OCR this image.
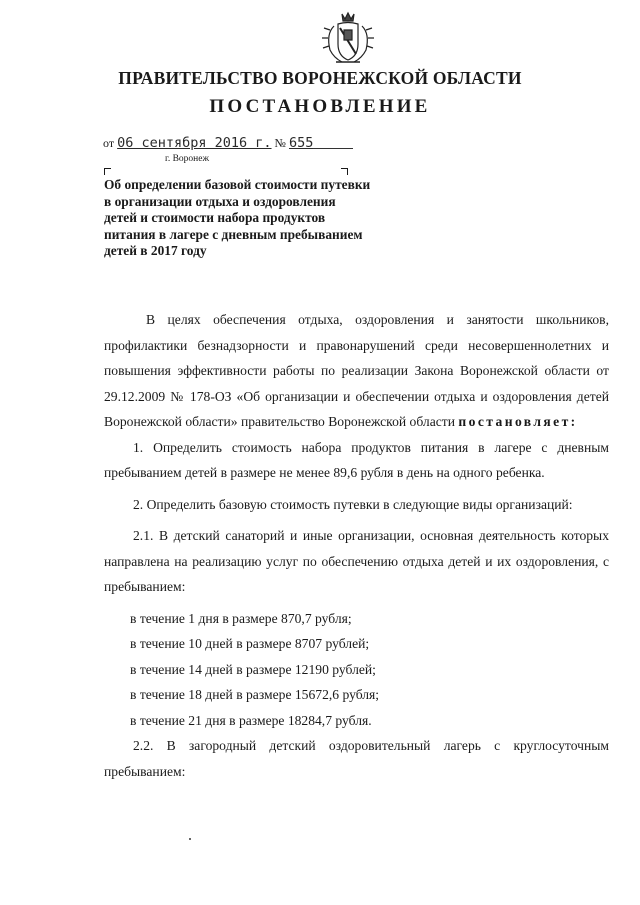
ПРАВИТЕЛЬСТВО ВОРОНЕЖСКОЙ ОБЛАСТИ
ПОСТАНОВЛЕНИЕ
от 06 сентября 2016 г. № 655
г. Воронеж
Об определении базовой стоимости путевки
в организации отдыха и оздоровления
детей и стоимости набора продуктов
питания в лагере с дневным пребыванием
детей в 2017 году

В целях обеспечения отдыха, оздоровления и занятости школьников, профилактики безнадзорности и правонарушений среди несовершеннолетних и повышения эффективности работы по реализации Закона Воронежской области от 29.12.2009 № 178-ОЗ «Об организации и обеспечении отдыха и оздоровления детей Воронежской области» правительство Воронежской области постановляет:

1. Определить стоимость набора продуктов питания в лагере с дневным пребыванием детей в размере не менее 89,6 рубля в день на одного ребенка.

2. Определить базовую стоимость путевки в следующие виды организаций:

2.1. В детский санаторий и иные организации, основная деятельность которых направлена на реализацию услуг по обеспечению отдыха детей и их оздоровления, с пребыванием:

в течение 1 дня в размере 870,7 рубля;

в течение 10 дней в размере 8707 рублей;

в течение 14 дней в размере 12190 рублей;

в течение 18 дней в размере 15672,6 рубля;

в течение 21 дня в размере 18284,7 рубля.

2.2. В загородный детский оздоровительный лагерь с круглосуточным пребыванием:
